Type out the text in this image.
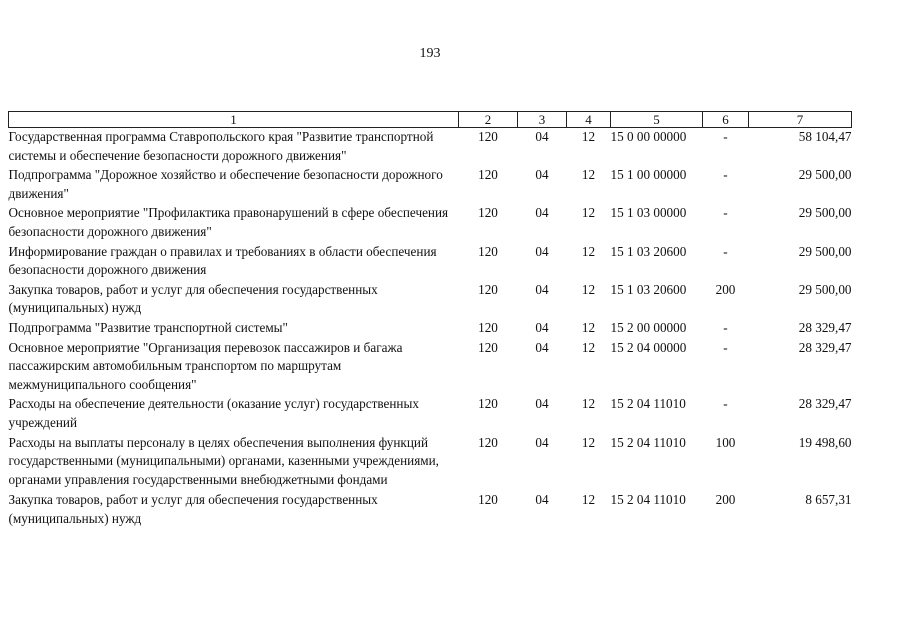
193
1	2	3	4	5	6	7
Государственная программа Ставропольского края "Развитие транспортной системы и обеспечение безопасности дорожного движения"	120	04	12	15 0 00 00000	-	58 104,47
Подпрограмма "Дорожное хозяйство и обеспечение безопасности дорожного движения"	120	04	12	15 1 00 00000	-	29 500,00
Основное мероприятие "Профилактика правонарушений в сфере обеспечения безопасности дорожного движения"	120	04	12	15 1 03 00000	-	29 500,00
Информирование граждан о правилах и требованиях в области обеспечения безопасности дорожного движения	120	04	12	15 1 03 20600	-	29 500,00
Закупка товаров, работ и услуг для обеспечения государственных (муниципальных) нужд	120	04	12	15 1 03 20600	200	29 500,00
Подпрограмма "Развитие транспортной системы"	120	04	12	15 2 00 00000	-	28 329,47
Основное мероприятие "Организация перевозок пассажиров и багажа пассажирским автомобильным транспортом по маршрутам межмуниципального сообщения"	120	04	12	15 2 04 00000	-	28 329,47
Расходы на обеспечение деятельности (оказание услуг) государственных учреждений	120	04	12	15 2 04 11010	-	28 329,47
Расходы на выплаты персоналу в целях обеспечения выполнения функций государственными (муниципальными) органами, казенными учреждениями, органами управления государственными внебюджетными фондами	120	04	12	15 2 04 11010	100	19 498,60
Закупка товаров, работ и услуг для обеспечения государственных (муниципальных) нужд	120	04	12	15 2 04 11010	200	8 657,31
